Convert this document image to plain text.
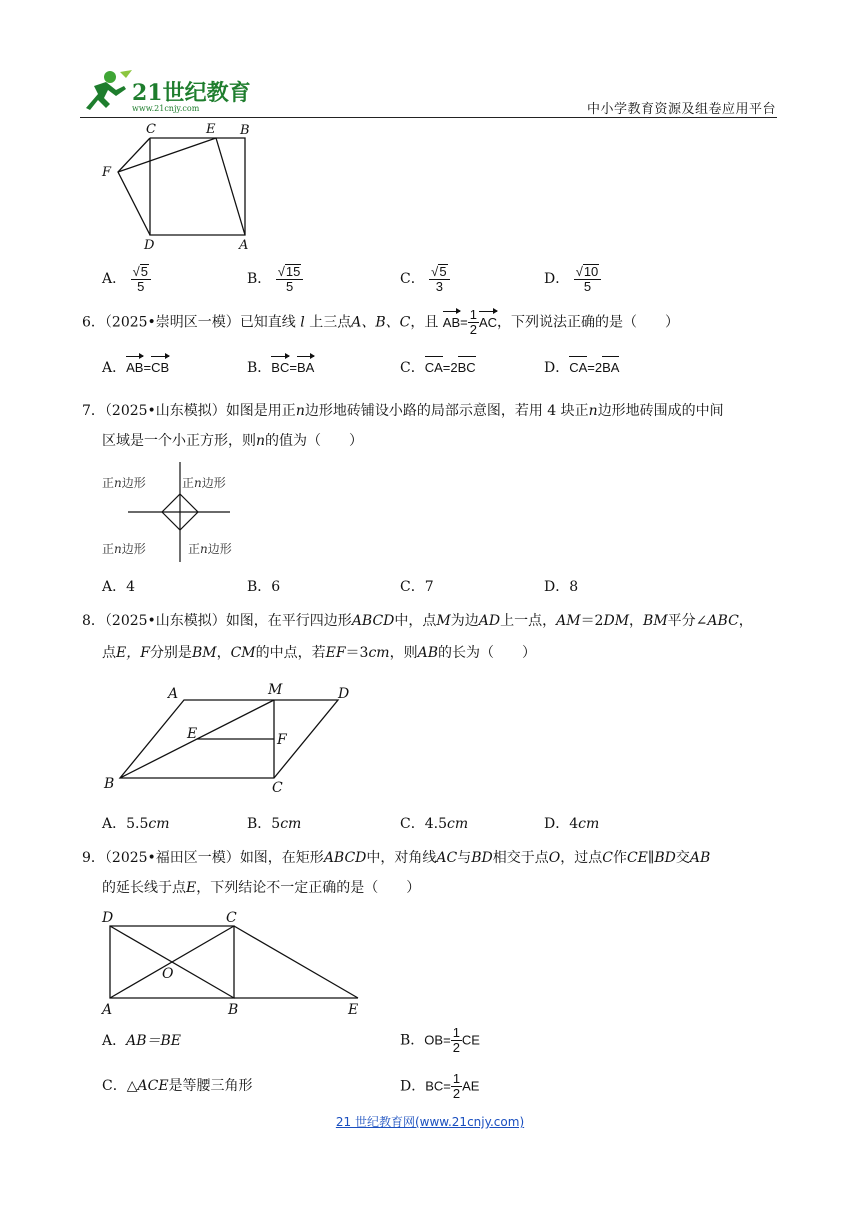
21世纪教育
www.21cnjy.com	中小学教育资源及组卷应用平台
C	E B
F
D	A
A． $\frac{√5}{5}$	B． $\frac{√15}{5}$	C． $\frac{√5}{3}$	D． $\frac{√10}{5}$
6．（2025•崇明区一模）已知直线 l 上三点A、B、C，且 $AB= \frac{1}{2}$ AC，下列说法正确的是（　　）
A．AB=CB	B．BC=BA	C．CA=2BC	D．CA=2BA
7．（2025•山东模拟）如图是用正n边形地砖铺设小路的局部示意图，若用 4 块正n边形地砖围成的中间
区域是一个小正方形，则n的值为（　　）
正n边形	正n边形
正n边形	正n边形
A．4	B．6	C．7	D．8
8．（2025•山东模拟）如图，在平行四边形ABCD中，点M为边AD上一点，AM＝2DM，BM平分∠ABC，
点E，F分别是BM，CM的中点，若EF＝3cm，则AB的长为（　　）
A	M	D
E	F
B	C
A．5.5cm	B．5cm	C．4.5cm	D．4cm
9．（2025•福田区一模）如图，在矩形ABCD中，对角线AC与BD相交于点O，过点C作CE∥BD交AB
的延长线于点E，下列结论不一定正确的是（　　）
D	C
O
A	B	E
A．AB＝BE	B．$OB= \frac{1}{2}$ CE
C．△ACE是等腰三角形	D．$BC= \frac{1}{2}$ AE
21 世纪教育网(www.21cnjy.com)
